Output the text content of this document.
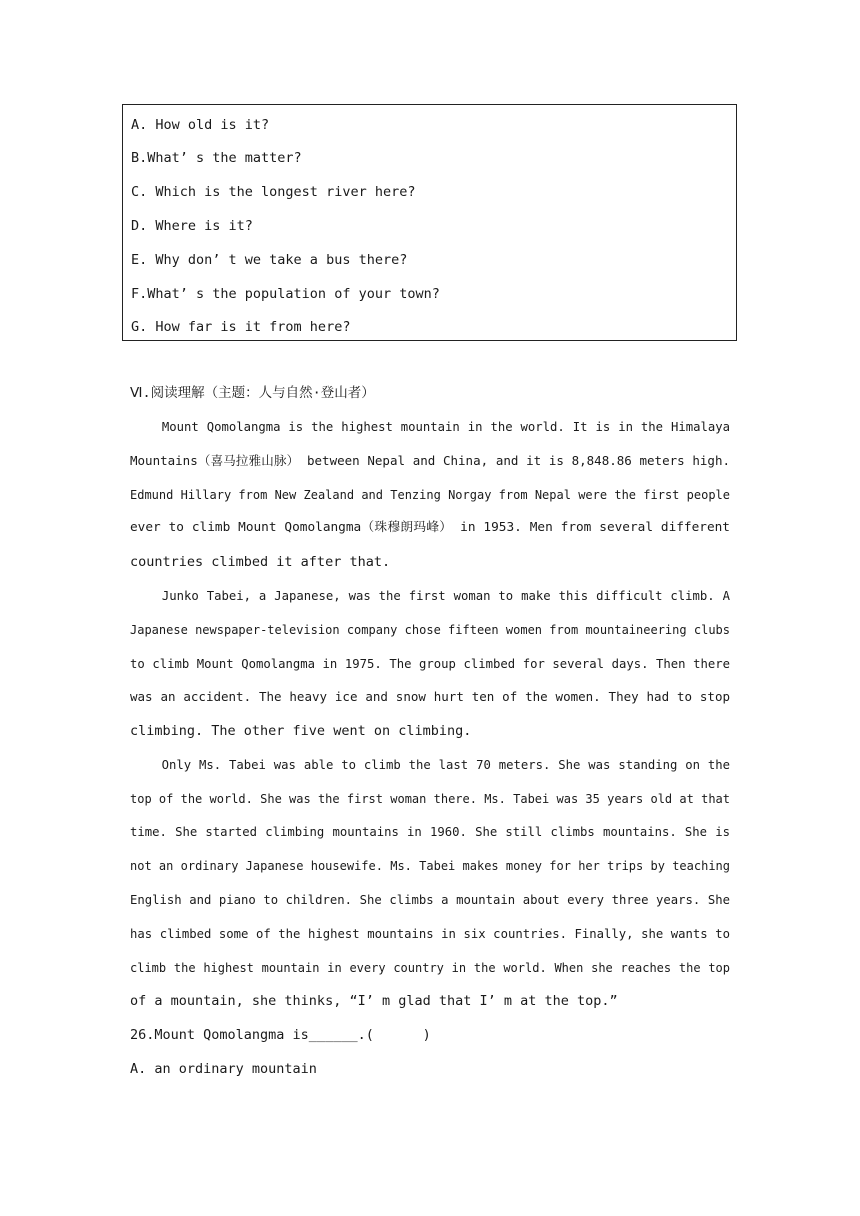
A. How old is it?
B.What’ s the matter?
C. Which is the longest river here?
D. Where is it?
E. Why don’ t we take a bus there?
F.What’ s the population of your town?
G. How far is it from here?
Ⅵ.阅读理解（主题：人与自然·登山者）
Mount Qomolangma is the highest mountain in the world. It is in the Himalaya
Mountains（喜马拉雅山脉） between Nepal and China, and it is 8,848.86 meters high.
Edmund Hillary from New Zealand and Tenzing Norgay from Nepal were the first people
ever to climb Mount Qomolangma（珠穆朗玛峰） in 1953. Men from several different
countries climbed it after that.
Junko Tabei, a Japanese, was the first woman to make this difficult climb. A
Japanese newspaper-television company chose fifteen women from mountaineering clubs
to climb Mount Qomolangma in 1975. The group climbed for several days. Then there
was an accident. The heavy ice and snow hurt ten of the women. They had to stop
climbing. The other five went on climbing.
Only Ms. Tabei was able to climb the last 70 meters. She was standing on the
top of the world. She was the first woman there. Ms. Tabei was 35 years old at that
time. She started climbing mountains in 1960. She still climbs mountains. She is
not an ordinary Japanese housewife. Ms. Tabei makes money for her trips by teaching
English and piano to children. She climbs a mountain about every three years. She
has climbed some of the highest mountains in six countries. Finally, she wants to
climb the highest mountain in every country in the world. When she reaches the top
of a mountain, she thinks, “I’ m glad that I’ m at the top.”
26.Mount Qomolangma is______.(      )
A. an ordinary mountain
